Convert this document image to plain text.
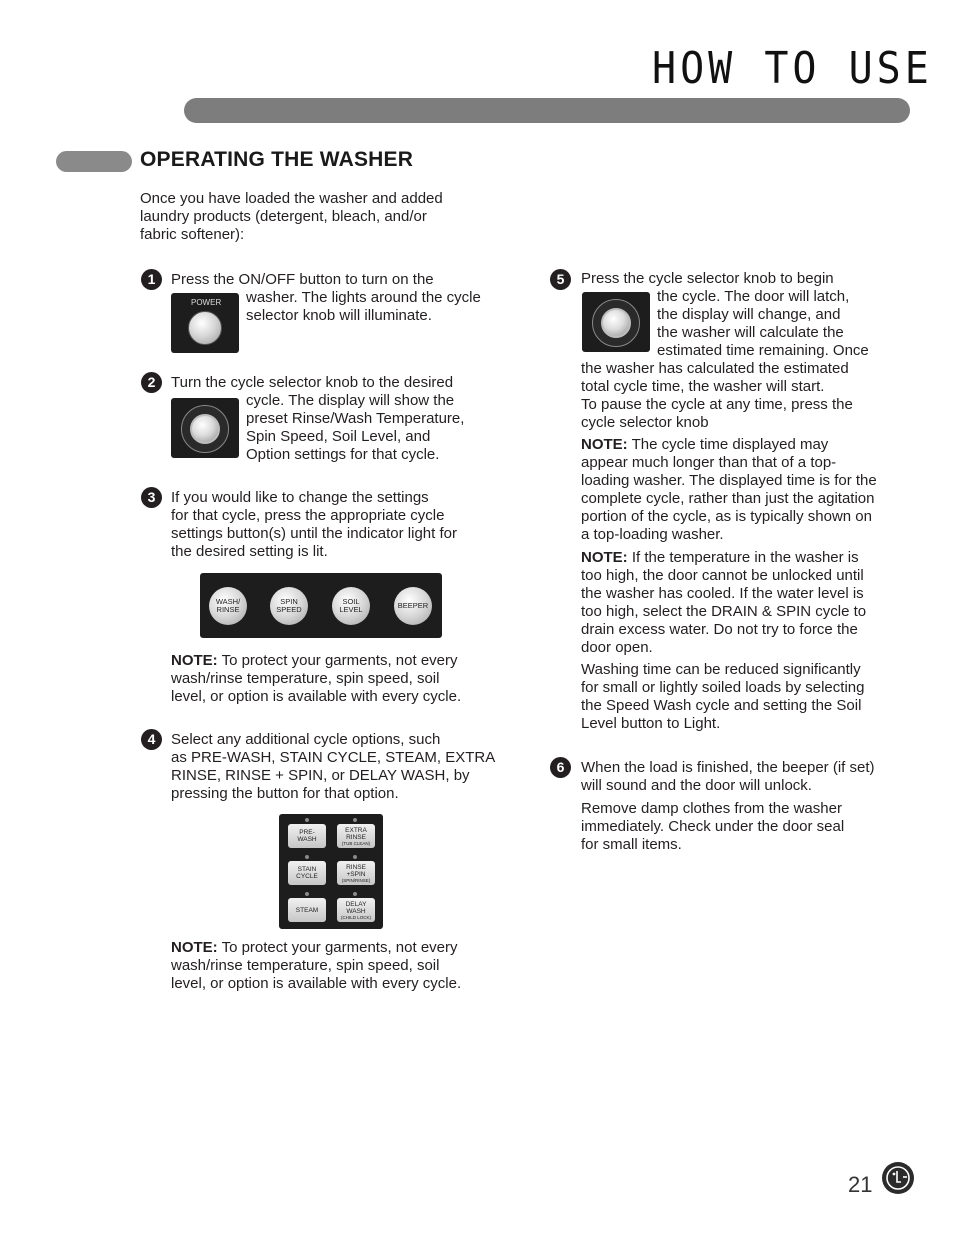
HOW TO USE
OPERATING THE WASHER
Once you have loaded the washer and added
laundry products (detergent, bleach, and/or
fabric softener):
1	Press the ON/OFF button to turn on the
washer. The lights around the cycle
selector knob will illuminate.
POWER
2	Turn the cycle selector knob to the desired
cycle. The display will show the
preset Rinse/Wash Temperature,
Spin Speed, Soil Level, and
Option settings for that cycle.
3	If you would like to change the settings
for that cycle, press the appropriate cycle
settings button(s) until the indicator light for
the desired setting is lit.
WASH/
RINSE
SPIN
SPEED
SOIL
LEVEL	BEEPER
NOTE: To protect your garments, not every
wash/rinse temperature, spin speed, soil
level, or option is available with every cycle.
4	Select any additional cycle options, such
as PRE-WASH, STAIN CYCLE, STEAM, EXTRA
RINSE, RINSE + SPIN, or DELAY WASH, by
pressing the button for that option.
PRE-
WASH
EXTRA
RINSE
(TUB CLEAN)
STAIN
CYCLE
RINSE
+SPIN
(SPIN/RINSE)
STEAM
DELAY
WASH
(CHILD LOCK)
NOTE: To protect your garments, not every
wash/rinse temperature, spin speed, soil
level, or option is available with every cycle.
5	Press the cycle selector knob to begin
the cycle. The door will latch,
the display will change, and
the washer will calculate the
estimated time remaining. Once
the washer has calculated the estimated
total cycle time, the washer will start.
To pause the cycle at any time, press the
cycle selector knob
NOTE: The cycle time displayed may
appear much longer than that of a top-
loading washer. The displayed time is for the
complete cycle, rather than just the agitation
portion of the cycle, as is typically shown on
a top-loading washer.
NOTE: If the temperature in the washer is
too high, the door cannot be unlocked until
the washer has cooled. If the water level is
too high, select the DRAIN & SPIN cycle to
drain excess water. Do not try to force the
door open.
Washing time can be reduced significantly
for small or lightly soiled loads by selecting
the Speed Wash cycle and setting the Soil
Level button to Light.
6	When the load is finished, the beeper (if set)
will sound and the door will unlock.
Remove damp clothes from the washer
immediately. Check under the door seal
for small items.
21
